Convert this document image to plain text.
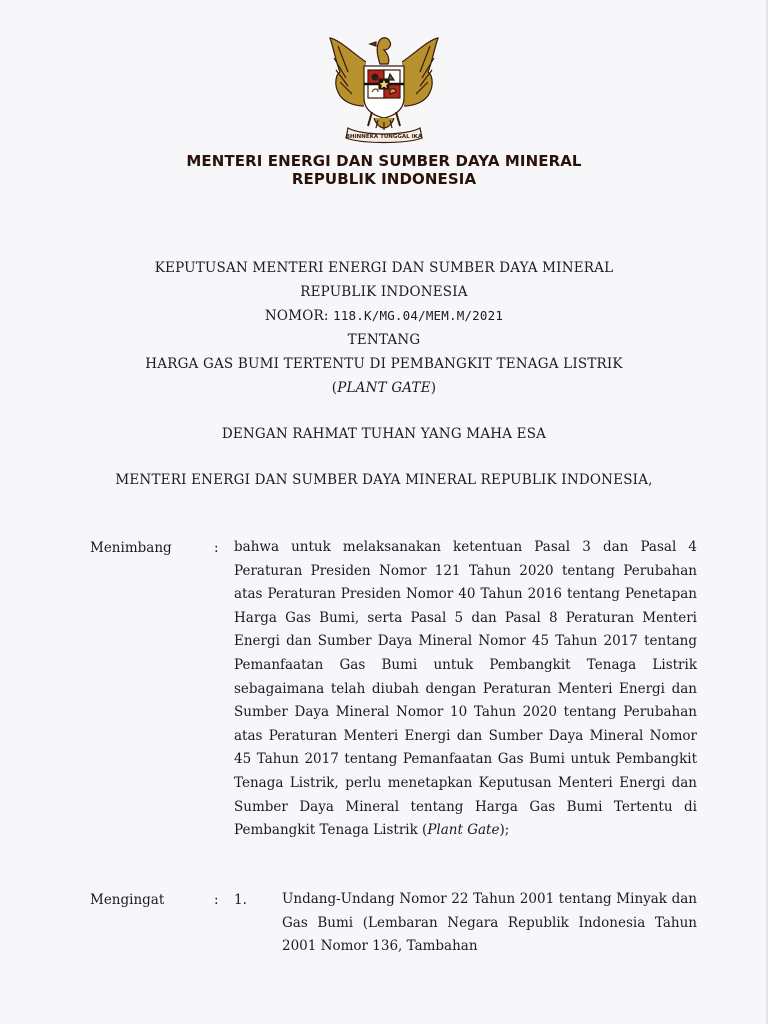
BHINNEKA TUNGGAL IKA
MENTERI ENERGI DAN SUMBER DAYA MINERAL
REPUBLIK INDONESIA
KEPUTUSAN MENTERI ENERGI DAN SUMBER DAYA MINERAL
REPUBLIK INDONESIA
NOMOR: 118.K/MG.04/MEM.M/2021
TENTANG
HARGA GAS BUMI TERTENTU DI PEMBANGKIT TENAGA LISTRIK
(PLANT GATE)
DENGAN RAHMAT TUHAN YANG MAHA ESA
MENTERI ENERGI DAN SUMBER DAYA MINERAL REPUBLIK INDONESIA,
Menimbang	: bahwa untuk melaksanakan ketentuan Pasal 3 dan Pasal 4 Peraturan Presiden Nomor 121 Tahun 2020 tentang Perubahan atas Peraturan Presiden Nomor 40 Tahun 2016 tentang Penetapan Harga Gas Bumi, serta Pasal 5 dan Pasal 8 Peraturan Menteri Energi dan Sumber Daya Mineral Nomor 45 Tahun 2017 tentang Pemanfaatan Gas Bumi untuk Pembangkit Tenaga Listrik sebagaimana telah diubah dengan Peraturan Menteri Energi dan Sumber Daya Mineral Nomor 10 Tahun 2020 tentang Perubahan atas Peraturan Menteri Energi dan Sumber Daya Mineral Nomor 45 Tahun 2017 tentang Pemanfaatan Gas Bumi untuk Pembangkit Tenaga Listrik, perlu menetapkan Keputusan Menteri Energi dan Sumber Daya Mineral tentang Harga Gas Bumi Tertentu di Pembangkit Tenaga Listrik (Plant Gate);
Mengingat	: 1.	Undang-Undang Nomor 22 Tahun 2001 tentang Minyak dan Gas Bumi (Lembaran Negara Republik Indonesia Tahun 2001 Nomor 136, Tambahan
